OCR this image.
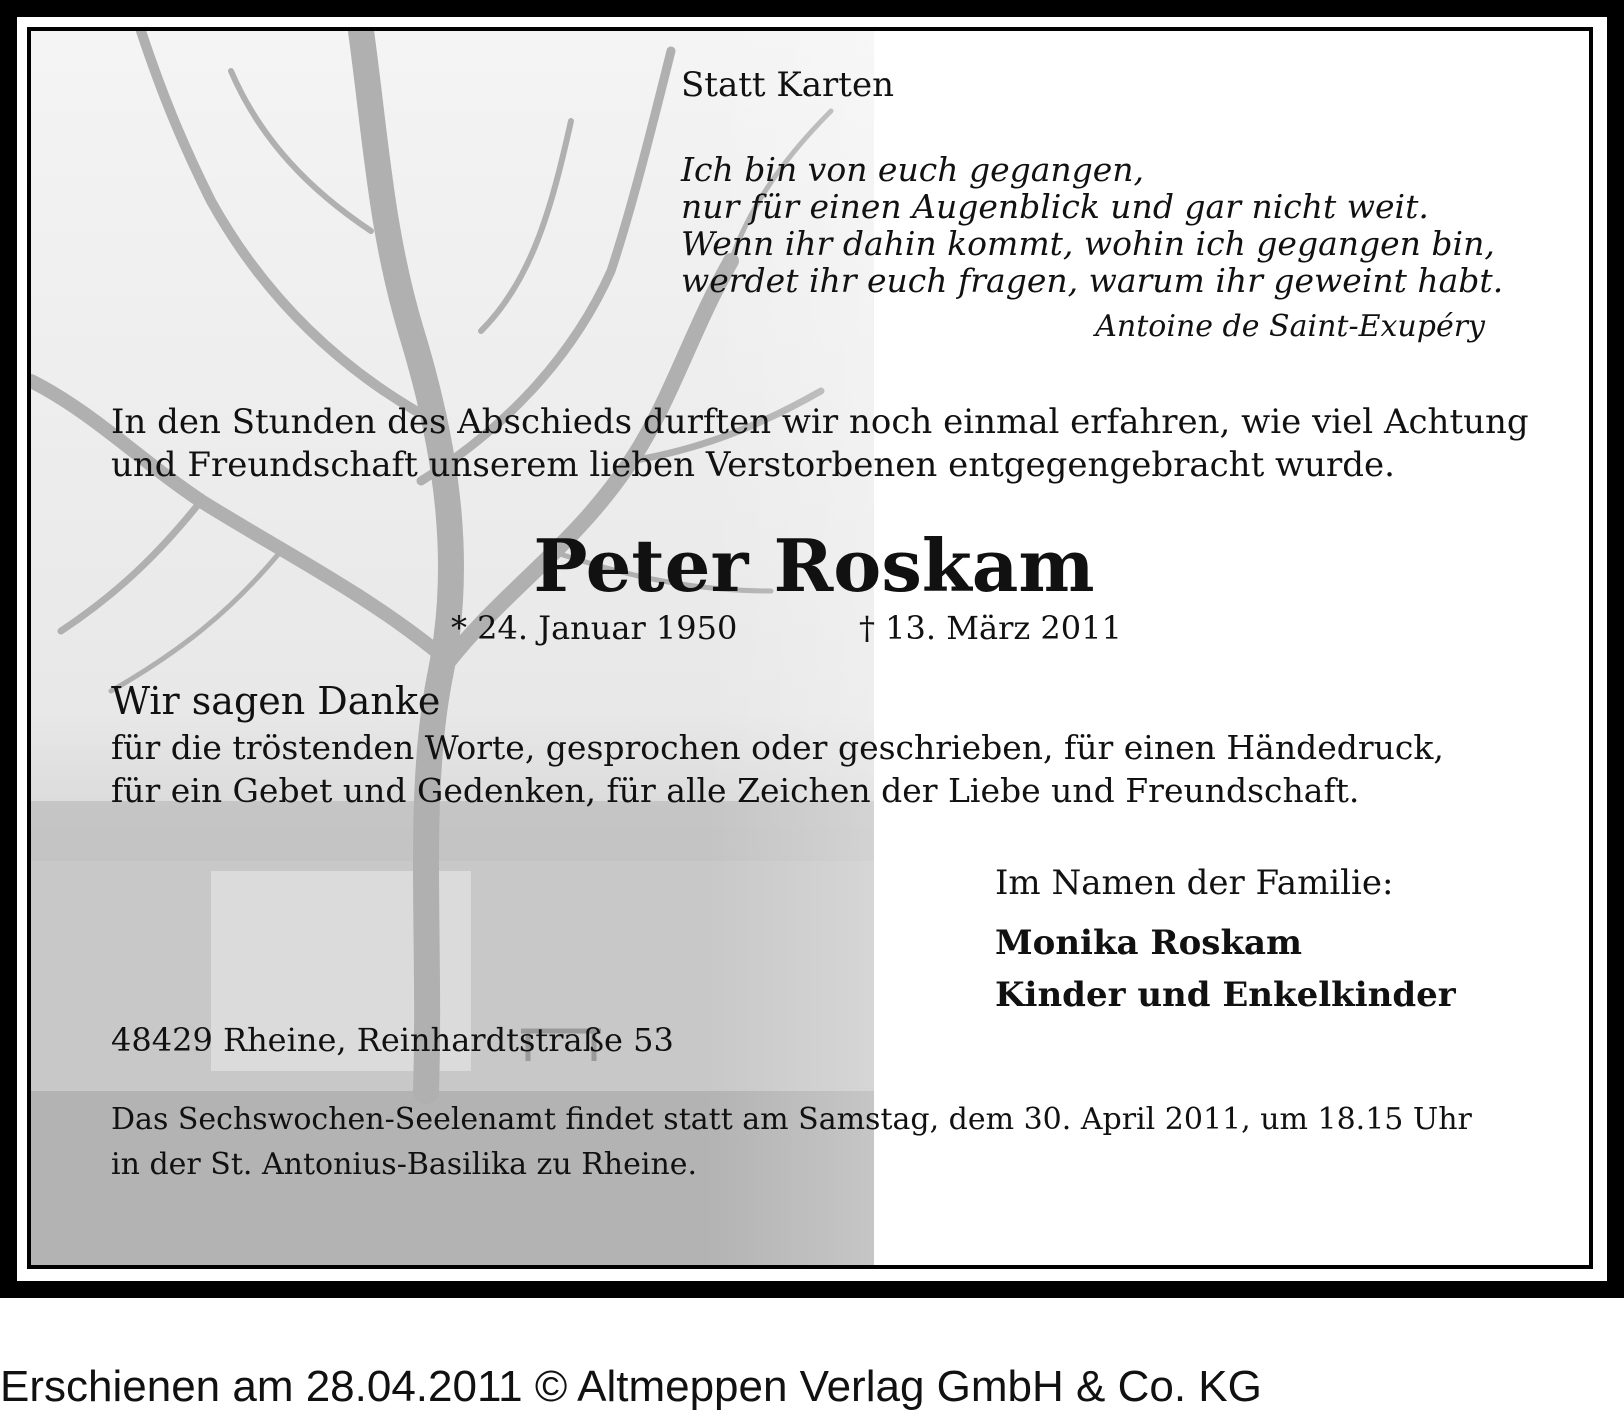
Statt Karten
Ich bin von euch gegangen,
nur für einen Augenblick und gar nicht weit.
Wenn ihr dahin kommt, wohin ich gegangen bin,
werdet ihr euch fragen, warum ihr geweint habt.
Antoine de Saint-Exupéry
In den Stunden des Abschieds durften wir noch einmal erfahren, wie viel Achtung
und Freundschaft unserem lieben Verstorbenen entgegengebracht wurde.
Peter Roskam
* 24. Januar 1950	† 13. März 2011
Wir sagen Danke
für die tröstenden Worte, gesprochen oder geschrieben, für einen Händedruck,
für ein Gebet und Gedenken, für alle Zeichen der Liebe und Freundschaft.
Im Namen der Familie:
Monika Roskam
Kinder und Enkelkinder
48429 Rheine, Reinhardtstraße 53
Das Sechswochen-Seelenamt findet statt am Samstag, dem 30. April 2011, um 18.15 Uhr
in der St. Antonius-Basilika zu Rheine.
Erschienen am 28.04.2011 © Altmeppen Verlag GmbH & Co. KG
